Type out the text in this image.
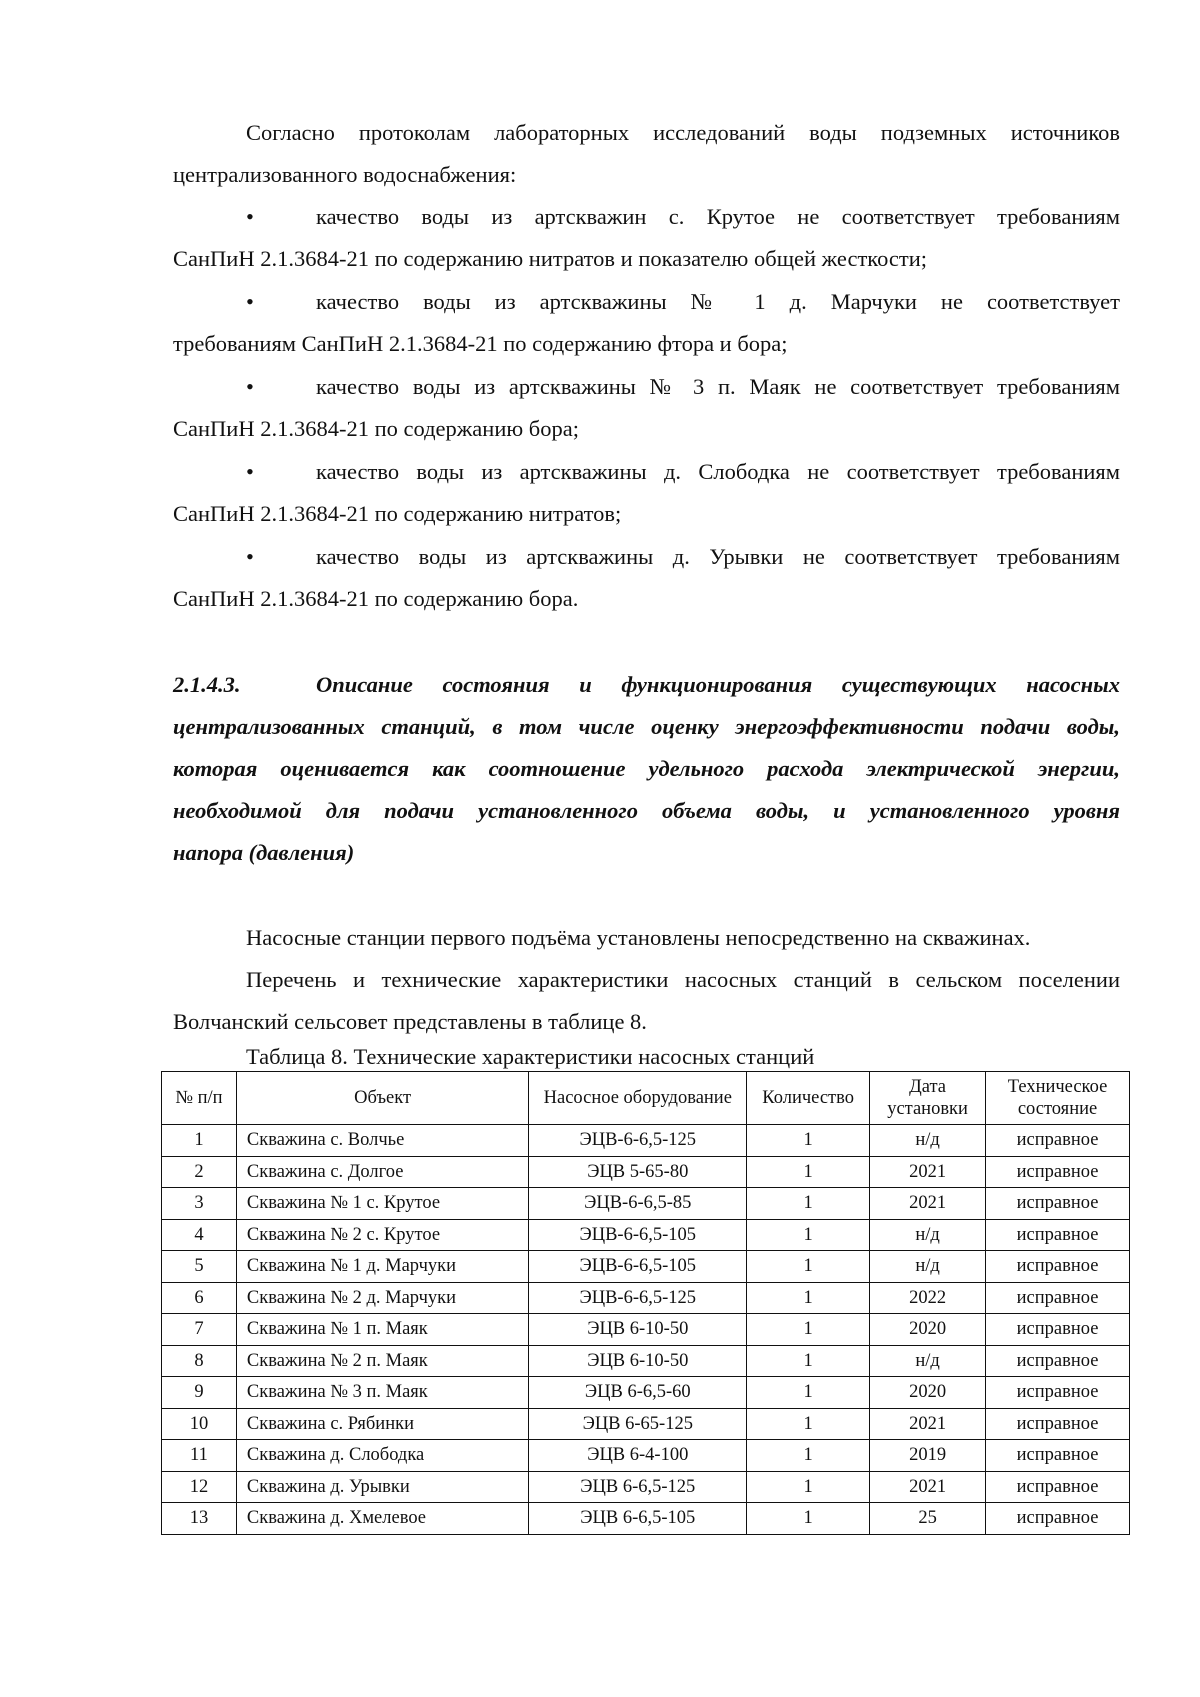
Согласно протоколам лабораторных исследований воды подземных источников централизованного водоснабжения:

•	качество воды из артскважин с. Крутое не соответствует требованиям
СанПиН 2.1.3684-21 по содержанию нитратов и показателю общей жесткости;
•	качество воды из артскважины № 1 д. Марчуки не соответствует
требованиям СанПиН 2.1.3684-21 по содержанию фтора и бора;
•	качество воды из артскважины № 3 п. Маяк не соответствует требованиям
СанПиН 2.1.3684-21 по содержанию бора;
•	качество воды из артскважины д. Слободка не соответствует требованиям
СанПиН 2.1.3684-21 по содержанию нитратов;
•	качество воды из артскважины д. Урывки не соответствует требованиям
СанПиН 2.1.3684-21 по содержанию бора.
2.1.4.3.	Описание состояния и функционирования существующих насосных
централизованных станций, в том числе оценку энергоэффективности подачи воды,
которая оценивается как соотношение удельного расхода электрической энергии,
необходимой для подачи установленного объема воды, и установленного уровня
напора (давления)

Насосные станции первого подъёма установлены непосредственно на скважинах.

Перечень и технические характеристики насосных станций в сельском поселении Волчанский сельсовет представлены в таблице 8.

Таблица 8. Технические характеристики насосных станций

№ п/п	Объект	Насосное оборудование	Количество	Дата установки	Техническое состояние
1	Скважина с. Волчье	ЭЦВ-6-6,5-125	1	н/д	исправное
2	Скважина с. Долгое	ЭЦВ 5-65-80	1	2021	исправное
3	Скважина № 1 с. Крутое	ЭЦВ-6-6,5-85	1	2021	исправное
4	Скважина № 2 с. Крутое	ЭЦВ-6-6,5-105	1	н/д	исправное
5	Скважина № 1 д. Марчуки	ЭЦВ-6-6,5-105	1	н/д	исправное
6	Скважина № 2 д. Марчуки	ЭЦВ-6-6,5-125	1	2022	исправное
7	Скважина № 1 п. Маяк	ЭЦВ 6-10-50	1	2020	исправное
8	Скважина № 2 п. Маяк	ЭЦВ 6-10-50	1	н/д	исправное
9	Скважина № 3 п. Маяк	ЭЦВ 6-6,5-60	1	2020	исправное
10	Скважина с. Рябинки	ЭЦВ 6-65-125	1	2021	исправное
11	Скважина д. Слободка	ЭЦВ 6-4-100	1	2019	исправное
12	Скважина д. Урывки	ЭЦВ 6-6,5-125	1	2021	исправное
13	Скважина д. Хмелевое	ЭЦВ 6-6,5-105	1	25	исправное
